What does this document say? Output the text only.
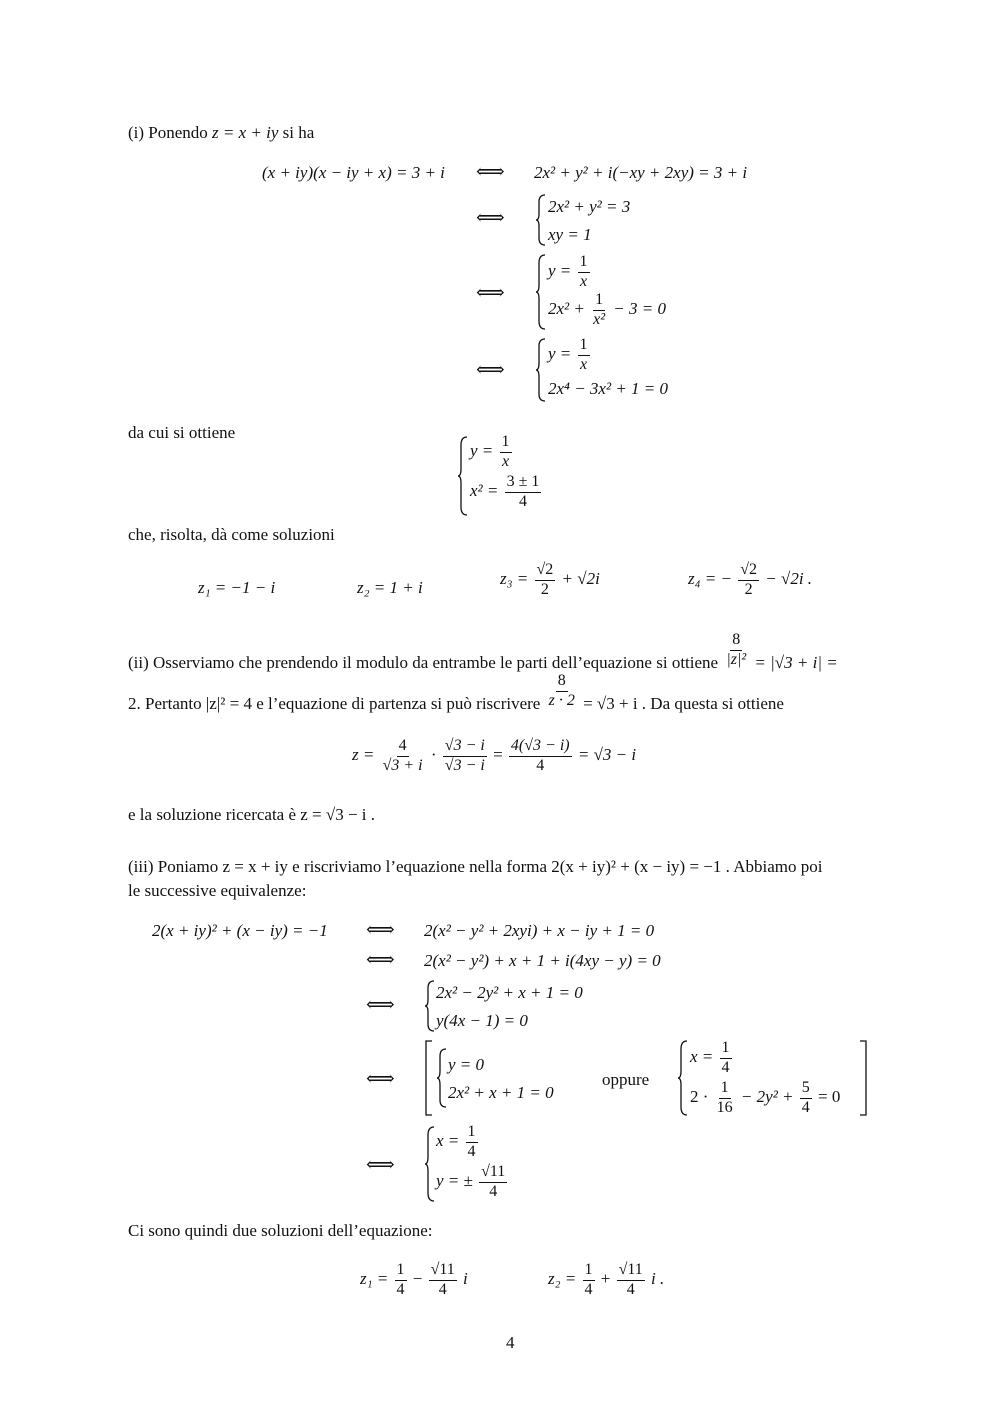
(i) Ponendo z = x + iy si ha
(x + iy)(x − iy + x) = 3 + i ⟺ 2x² + y² + i(−xy + 2xy) = 3 + i
⟺
2x² + y² = 3
xy = 1
⟺
$y = \frac{1}{x}$
$2x^2 + \frac{1}{\text{x²}} - 3 = 0$
⟺
$y = \frac{1}{x}$
2x⁴ − 3x² + 1 = 0
da cui si ottiene
$y = \frac{1}{x}$
$x^2 = \frac{3 \pm 1}{4}$
che, risolta, dà come soluzioni
z₁ = −1 − i	z₂ = 1 + i	$z_3 = \frac{√2}{2} + √2i$	z₄ = − $\frac{√2}{2} - √2i$ .
(ii) Osserviamo che prendendo il modulo da entrambe le parti dell’equazione si ottiene $\frac{8}{\text{|z|²}} = |√3 + i|$ =
2. Pertanto |z|² = 4 e l’equazione di partenza si può riscrivere $\frac{8}{z \cdot 2} = √3 + i$ . Da questa si ottiene
$z = \frac{4}{√3 + i} \cdot \frac{√3 - i}{√3 - i} = \frac{4(√3 - i)}{4} = √3 - i$
e la soluzione ricercata è z = √3 − i .
(iii) Poniamo z = x + iy e riscriviamo l’equazione nella forma 2(x + iy)² + (x − iy) = −1 . Abbiamo poi
le successive equivalenze:
2(x + iy)² + (x − iy) = −1 ⟺ 2(x² − y² + 2xyi) + x − iy + 1 = 0
⟺ 2(x² − y²) + x + 1 + i(4xy − y) = 0
⟺
2x² − 2y² + x + 1 = 0
y(4x − 1) = 0
⟺
y = 0
2x² + x + 1 = 0
oppure
$x = \frac{1}{4}$
$2 \cdot \frac{1}{16} - 2y^2 + \frac{5}{4} = 0$
⟺
$x = \frac{1}{4}$
y = ± $\frac{√11}{4}$
Ci sono quindi due soluzioni dell’equazione:
$z_1 = \frac{1}{4} - \frac{√11}{4}$ i	$z_2 = \frac{1}{4} + \frac{√11}{4}$ i .
4
